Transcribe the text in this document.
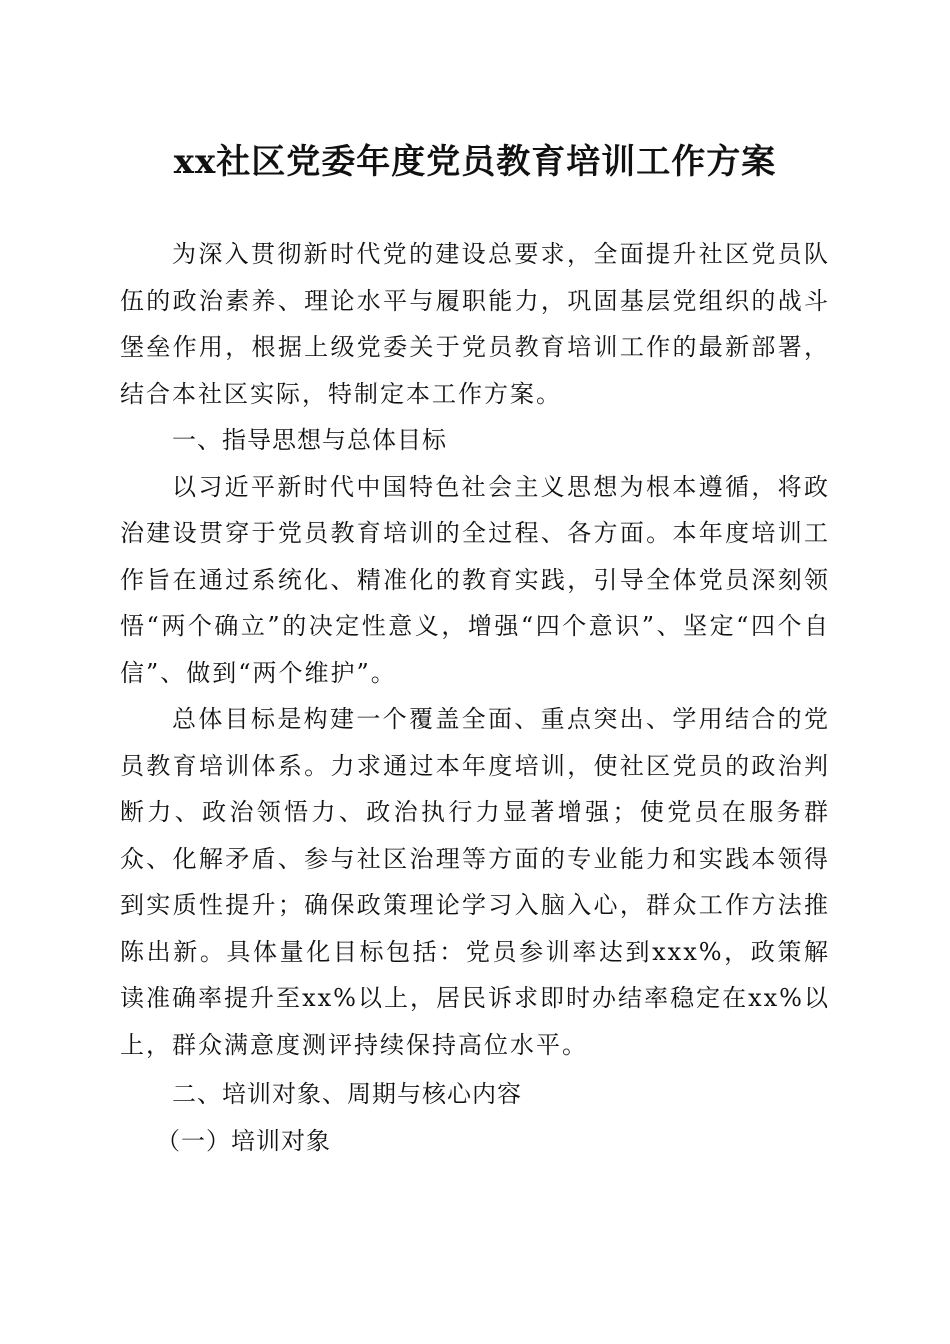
xx社区党委年度党员教育培训工作方案

为深入贯彻新时代党的建设总要求，全面提升社区党员队伍的政治素养、理论水平与履职能力，巩固基层党组织的战斗堡垒作用，根据上级党委关于党员教育培训工作的最新部署，结合本社区实际，特制定本工作方案。

一、指导思想与总体目标

以习近平新时代中国特色社会主义思想为根本遵循，将政治建设贯穿于党员教育培训的全过程、各方面。本年度培训工作旨在通过系统化、精准化的教育实践，引导全体党员深刻领悟“两个确立”的决定性意义，增强“四个意识”、坚定“四个自信”、做到“两个维护”。

总体目标是构建一个覆盖全面、重点突出、学用结合的党员教育培训体系。力求通过本年度培训，使社区党员的政治判断力、政治领悟力、政治执行力显著增强；使党员在服务群众、化解矛盾、参与社区治理等方面的专业能力和实践本领得到实质性提升；确保政策理论学习入脑入心，群众工作方法推陈出新。具体量化目标包括：党员参训率达到xxx%，政策解读准确率提升至xx%以上，居民诉求即时办结率稳定在xx%以上，群众满意度测评持续保持高位水平。

二、培训对象、周期与核心内容

（一）培训对象
